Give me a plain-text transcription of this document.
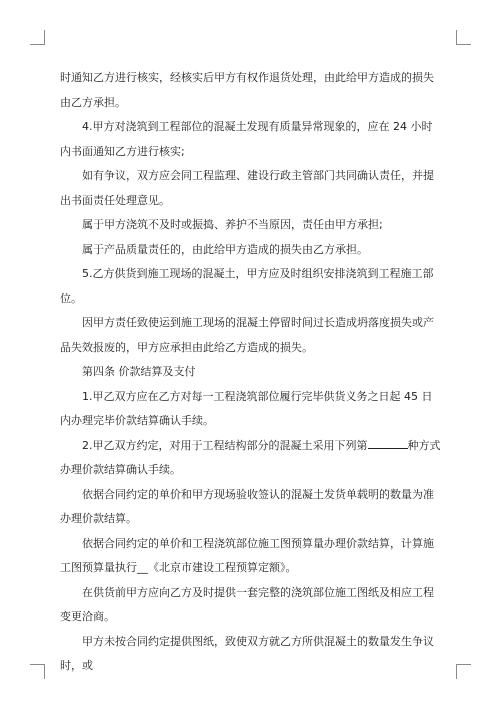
时通知乙方进行核实，经核实后甲方有权作退货处理，由此给甲方造成的损失由乙方承担。

4.甲方对浇筑到工程部位的混凝土发现有质量异常现象的，应在 24 小时内书面通知乙方进行核实;

如有争议，双方应会同工程监理、建设行政主管部门共同确认责任，并提出书面责任处理意见。

属于甲方浇筑不及时或振捣、养护不当原因，责任由甲方承担;

属于产品质量责任的，由此给甲方造成的损失由乙方承担。

5.乙方供货到施工现场的混凝土，甲方应及时组织安排浇筑到工程施工部位。

因甲方责任致使运到施工现场的混凝土停留时间过长造成坍落度损失或产品失效报废的，甲方应承担由此给乙方造成的损失。

第四条 价款结算及支付

1.甲乙双方应在乙方对每一工程浇筑部位履行完毕供货义务之日起 45 日内办理完毕价款结算确认手续。

2.甲乙双方约定，对用于工程结构部分的混凝土采用下列第	种方式办理价款结算确认手续。

依据合同约定的单价和甲方现场验收签认的混凝土发货单载明的数量为准办理价款结算。

依据合同约定的单价和工程浇筑部位施工图预算量办理价款结算，计算施工图预算量执行__《北京市建设工程预算定额》。

在供货前甲方应向乙方及时提供一套完整的浇筑部位施工图纸及相应工程变更洽商。

甲方未按合同约定提供图纸，致使双方就乙方所供混凝土的数量发生争议时，或
